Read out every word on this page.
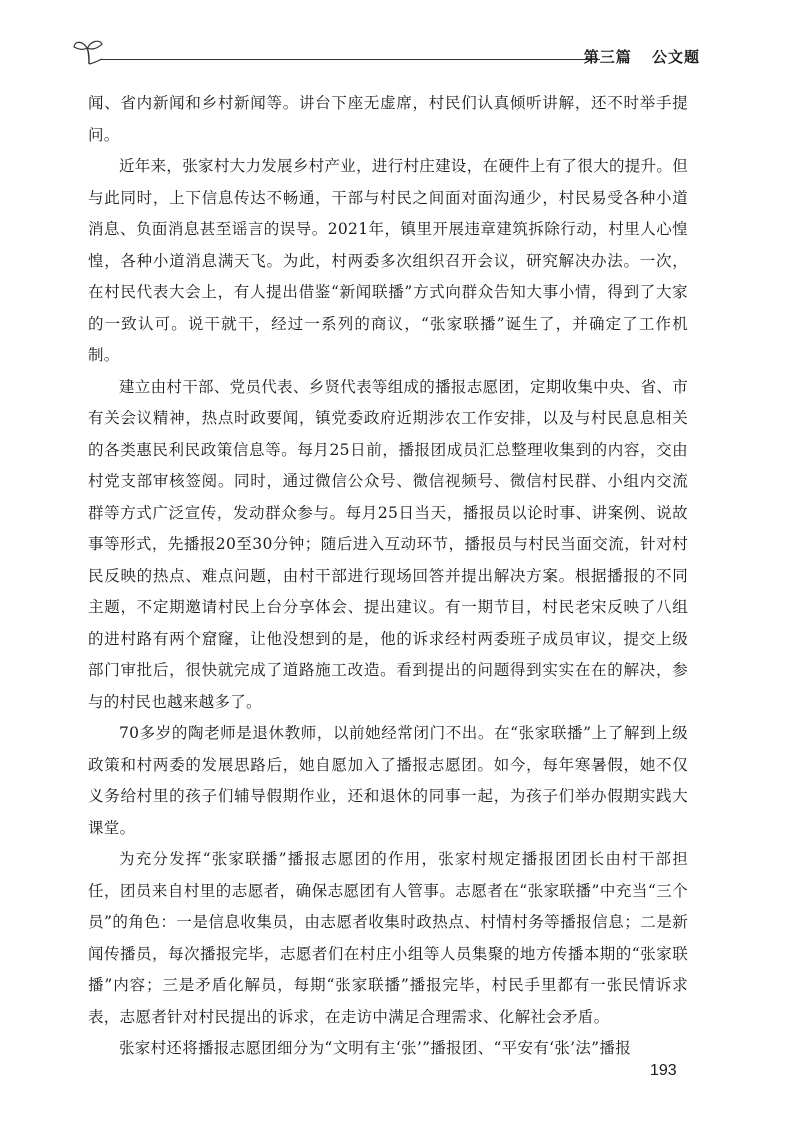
第三篇 公文题

闻、省内新闻和乡村新闻等。讲台下座无虚席，村民们认真倾听讲解，还不时举手提问。

近年来，张家村大力发展乡村产业，进行村庄建设，在硬件上有了很大的提升。但与此同时，上下信息传达不畅通，干部与村民之间面对面沟通少，村民易受各种小道消息、负面消息甚至谣言的误导。2021年，镇里开展违章建筑拆除行动，村里人心惶惶，各种小道消息满天飞。为此，村两委多次组织召开会议，研究解决办法。一次，在村民代表大会上，有人提出借鉴“新闻联播”方式向群众告知大事小情，得到了大家的一致认可。说干就干，经过一系列的商议，“张家联播”诞生了，并确定了工作机制。

建立由村干部、党员代表、乡贤代表等组成的播报志愿团，定期收集中央、省、市有关会议精神，热点时政要闻，镇党委政府近期涉农工作安排，以及与村民息息相关的各类惠民利民政策信息等。每月25日前，播报团成员汇总整理收集到的内容，交由村党支部审核签阅。同时，通过微信公众号、微信视频号、微信村民群、小组内交流群等方式广泛宣传，发动群众参与。每月25日当天，播报员以论时事、讲案例、说故事等形式，先播报20至30分钟；随后进入互动环节，播报员与村民当面交流，针对村民反映的热点、难点问题，由村干部进行现场回答并提出解决方案。根据播报的不同主题，不定期邀请村民上台分享体会、提出建议。有一期节目，村民老宋反映了八组的进村路有两个窟窿，让他没想到的是，他的诉求经村两委班子成员审议，提交上级部门审批后，很快就完成了道路施工改造。看到提出的问题得到实实在在的解决，参与的村民也越来越多了。

70多岁的陶老师是退休教师，以前她经常闭门不出。在“张家联播”上了解到上级政策和村两委的发展思路后，她自愿加入了播报志愿团。如今，每年寒暑假，她不仅义务给村里的孩子们辅导假期作业，还和退休的同事一起，为孩子们举办假期实践大课堂。

为充分发挥“张家联播”播报志愿团的作用，张家村规定播报团团长由村干部担任，团员来自村里的志愿者，确保志愿团有人管事。志愿者在“张家联播”中充当“三个员”的角色：一是信息收集员，由志愿者收集时政热点、村情村务等播报信息；二是新闻传播员，每次播报完毕，志愿者们在村庄小组等人员集聚的地方传播本期的“张家联播”内容；三是矛盾化解员，每期“张家联播”播报完毕，村民手里都有一张民情诉求表，志愿者针对村民提出的诉求，在走访中满足合理需求、化解社会矛盾。

张家村还将播报志愿团细分为“文明有主‘张’”播报团、“平安有‘张’法”播报

193
